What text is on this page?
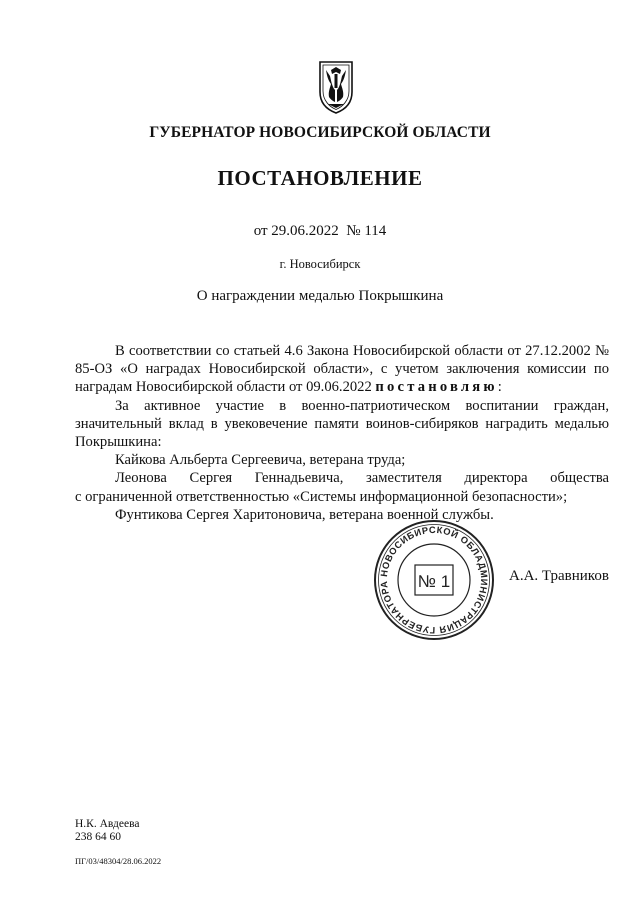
ГУБЕРНАТОР НОВОСИБИРСКОЙ ОБЛАСТИ
ПОСТАНОВЛЕНИЕ
от 29.06.2022  № 114
г. Новосибирск
О награждении медалью Покрышкина

В соответствии со статьей 4.6 Закона Новосибирской области от 27.12.2002 № 85-ОЗ «О наградах Новосибирской области», с учетом заключения комиссии по наградам Новосибирской области от 09.06.2022 постановляю:

За активное участие в военно-патриотическом воспитании граждан, значительный вклад в увековечение памяти воинов-сибиряков наградить медалью Покрышкина:

Кайкова Альберта Сергеевича, ветерана труда;

Леонова Сергея Геннадьевича, заместителя директора общества

с ограниченной ответственностью «Системы информационной безопасности»;

Фунтикова Сергея Харитоновича, ветерана военной службы.

АДМИНИСТРАЦИЯ ГУБЕРНАТОРА НОВОСИБИРСКОЙ ОБЛАСТИ
№ 1	А.А. Травников
Н.К. Авдеева
238 64 60
ПГ/03/48304/28.06.2022
